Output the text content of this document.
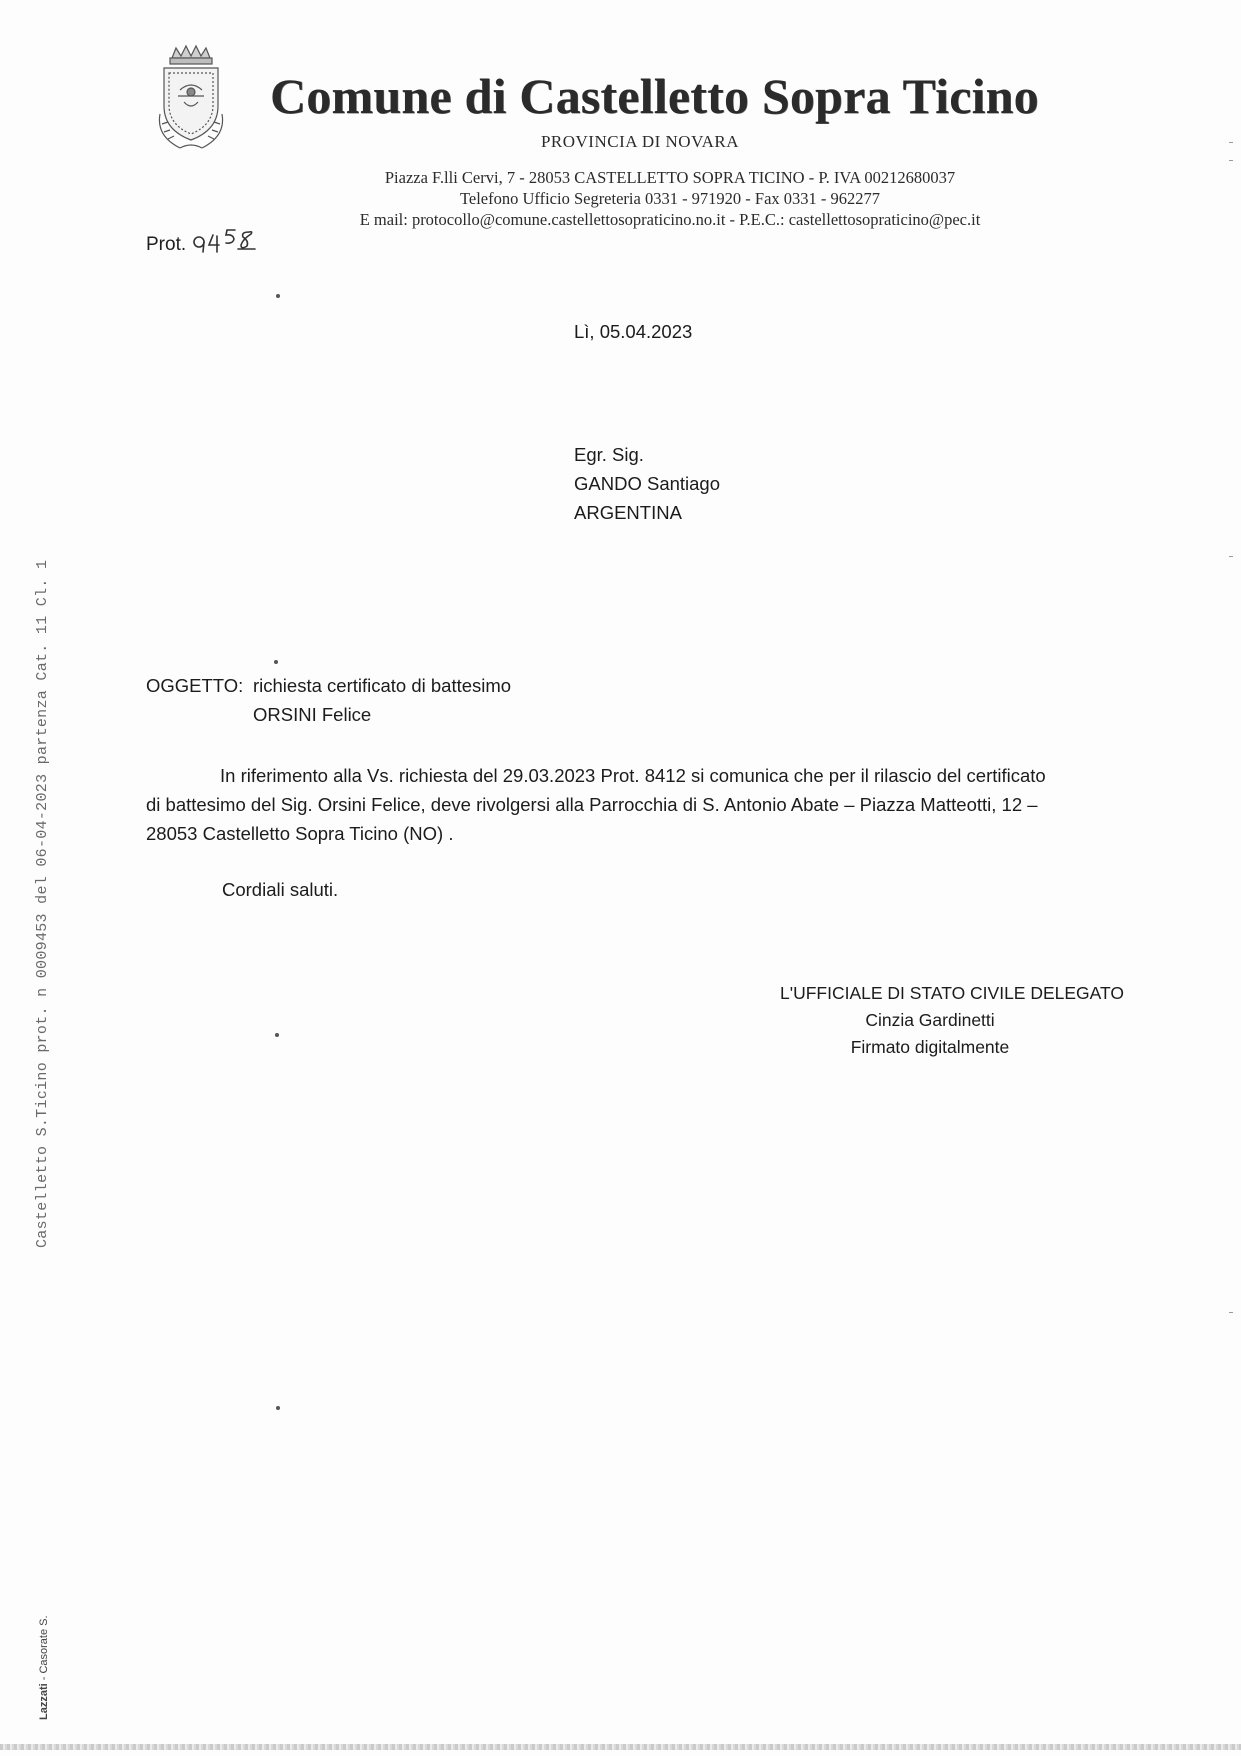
Comune di Castelletto Sopra Ticino
PROVINCIA DI NOVARA
Piazza F.lli Cervi, 7 - 28053 CASTELLETTO SOPRA TICINO - P. IVA 00212680037
Telefono Ufficio Segreteria 0331 - 971920 - Fax 0331 - 962277
E mail: protocollo@comune.castellettosopraticino.no.it - P.E.C.: castellettosopraticino@pec.it
Prot.
Lì, 05.04.2023
Egr. Sig.
GANDO Santiago
ARGENTINA
OGGETTO: richiesta certificato di battesimo
ORSINI Felice
In riferimento alla Vs. richiesta del 29.03.2023 Prot. 8412 si comunica che per il rilascio del certificato
di battesimo del Sig. Orsini Felice, deve rivolgersi alla Parrocchia di S. Antonio Abate – Piazza Matteotti, 12 –
28053 Castelletto Sopra Ticino (NO) .
Cordiali saluti.
L'UFFICIALE DI STATO CIVILE DELEGATO
Cinzia Gardinetti
Firmato digitalmente
Castelletto S.Ticino prot. n 0009453 del 06-04-2023 partenza Cat. 11 Cl. 1
Lazzati - Casorate S.
